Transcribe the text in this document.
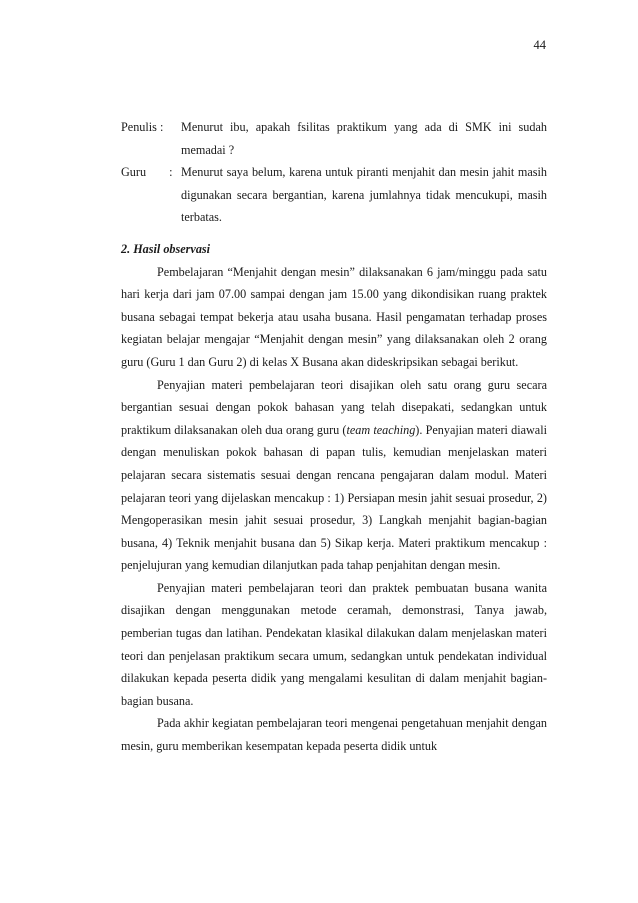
44
Penulis :	Menurut ibu, apakah fsilitas praktikum yang ada di SMK ini sudah memadai ?
Guru : Menurut saya belum, karena untuk piranti menjahit dan mesin jahit masih digunakan secara bergantian, karena jumlahnya tidak mencukupi, masih terbatas.
2. Hasil observasi

Pembelajaran “Menjahit dengan mesin” dilaksanakan 6 jam/minggu pada satu hari kerja dari jam 07.00 sampai dengan jam 15.00 yang dikondisikan ruang praktek busana sebagai tempat bekerja atau usaha busana. Hasil pengamatan terhadap proses kegiatan belajar mengajar “Menjahit dengan mesin” yang dilaksanakan oleh 2 orang guru (Guru 1 dan Guru 2) di kelas X Busana akan dideskripsikan sebagai berikut.

Penyajian materi pembelajaran teori disajikan oleh satu orang guru secara bergantian sesuai dengan pokok bahasan yang telah disepakati, sedangkan untuk praktikum dilaksanakan oleh dua orang guru (team teaching). Penyajian materi diawali dengan menuliskan pokok bahasan di papan tulis, kemudian menjelaskan materi pelajaran secara sistematis sesuai dengan rencana pengajaran dalam modul. Materi pelajaran teori yang dijelaskan mencakup : 1) Persiapan mesin jahit sesuai prosedur, 2) Mengoperasikan mesin jahit sesuai prosedur, 3) Langkah menjahit bagian-bagian busana, 4) Teknik menjahit busana dan 5) Sikap kerja. Materi praktikum mencakup : penjelujuran yang kemudian dilanjutkan pada tahap penjahitan dengan mesin.

Penyajian materi pembelajaran teori dan praktek pembuatan busana wanita disajikan dengan menggunakan metode ceramah, demonstrasi, Tanya jawab, pemberian tugas dan latihan. Pendekatan klasikal dilakukan dalam menjelaskan materi teori dan penjelasan praktikum secara umum, sedangkan untuk pendekatan individual dilakukan kepada peserta didik yang mengalami kesulitan di dalam menjahit bagian-bagian busana.

Pada akhir kegiatan pembelajaran teori mengenai pengetahuan menjahit dengan mesin, guru memberikan kesempatan kepada peserta didik untuk
